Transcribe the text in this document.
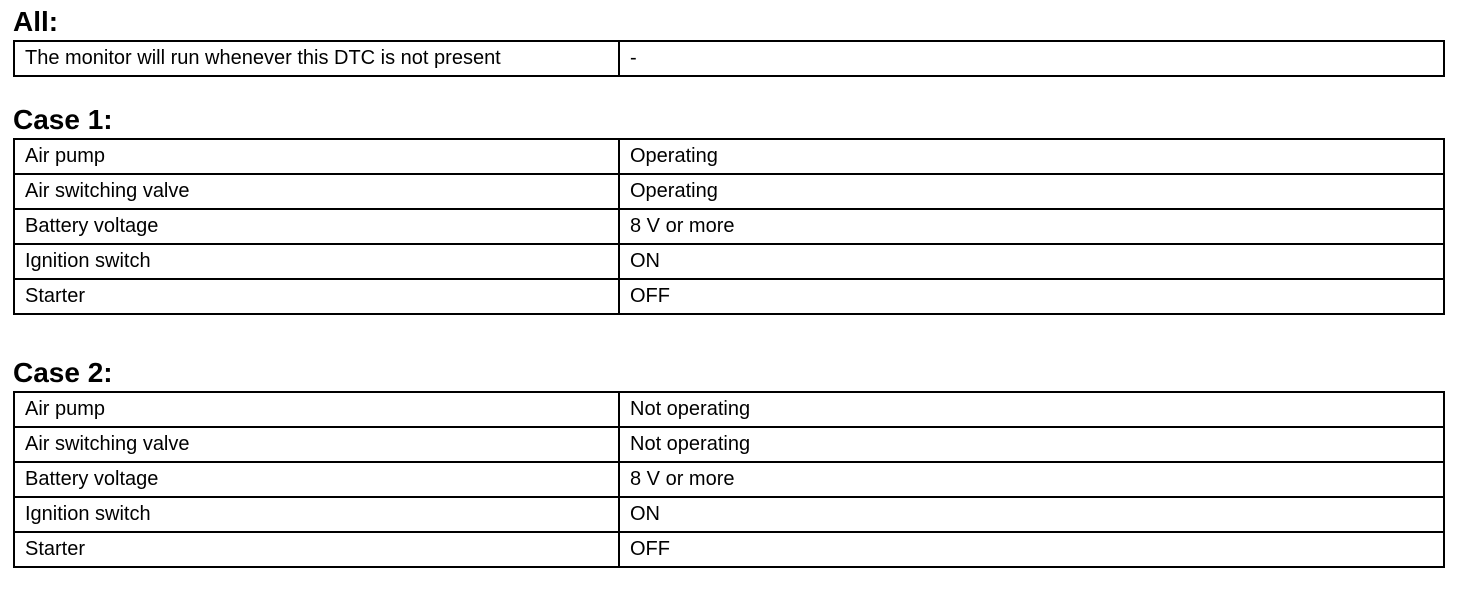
All:
The monitor will run whenever this DTC is not present	-
Case 1:
Air pump	Operating
Air switching valve	Operating
Battery voltage	8 V or more
Ignition switch	ON
Starter	OFF
Case 2:
Air pump	Not operating
Air switching valve	Not operating
Battery voltage	8 V or more
Ignition switch	ON
Starter	OFF
